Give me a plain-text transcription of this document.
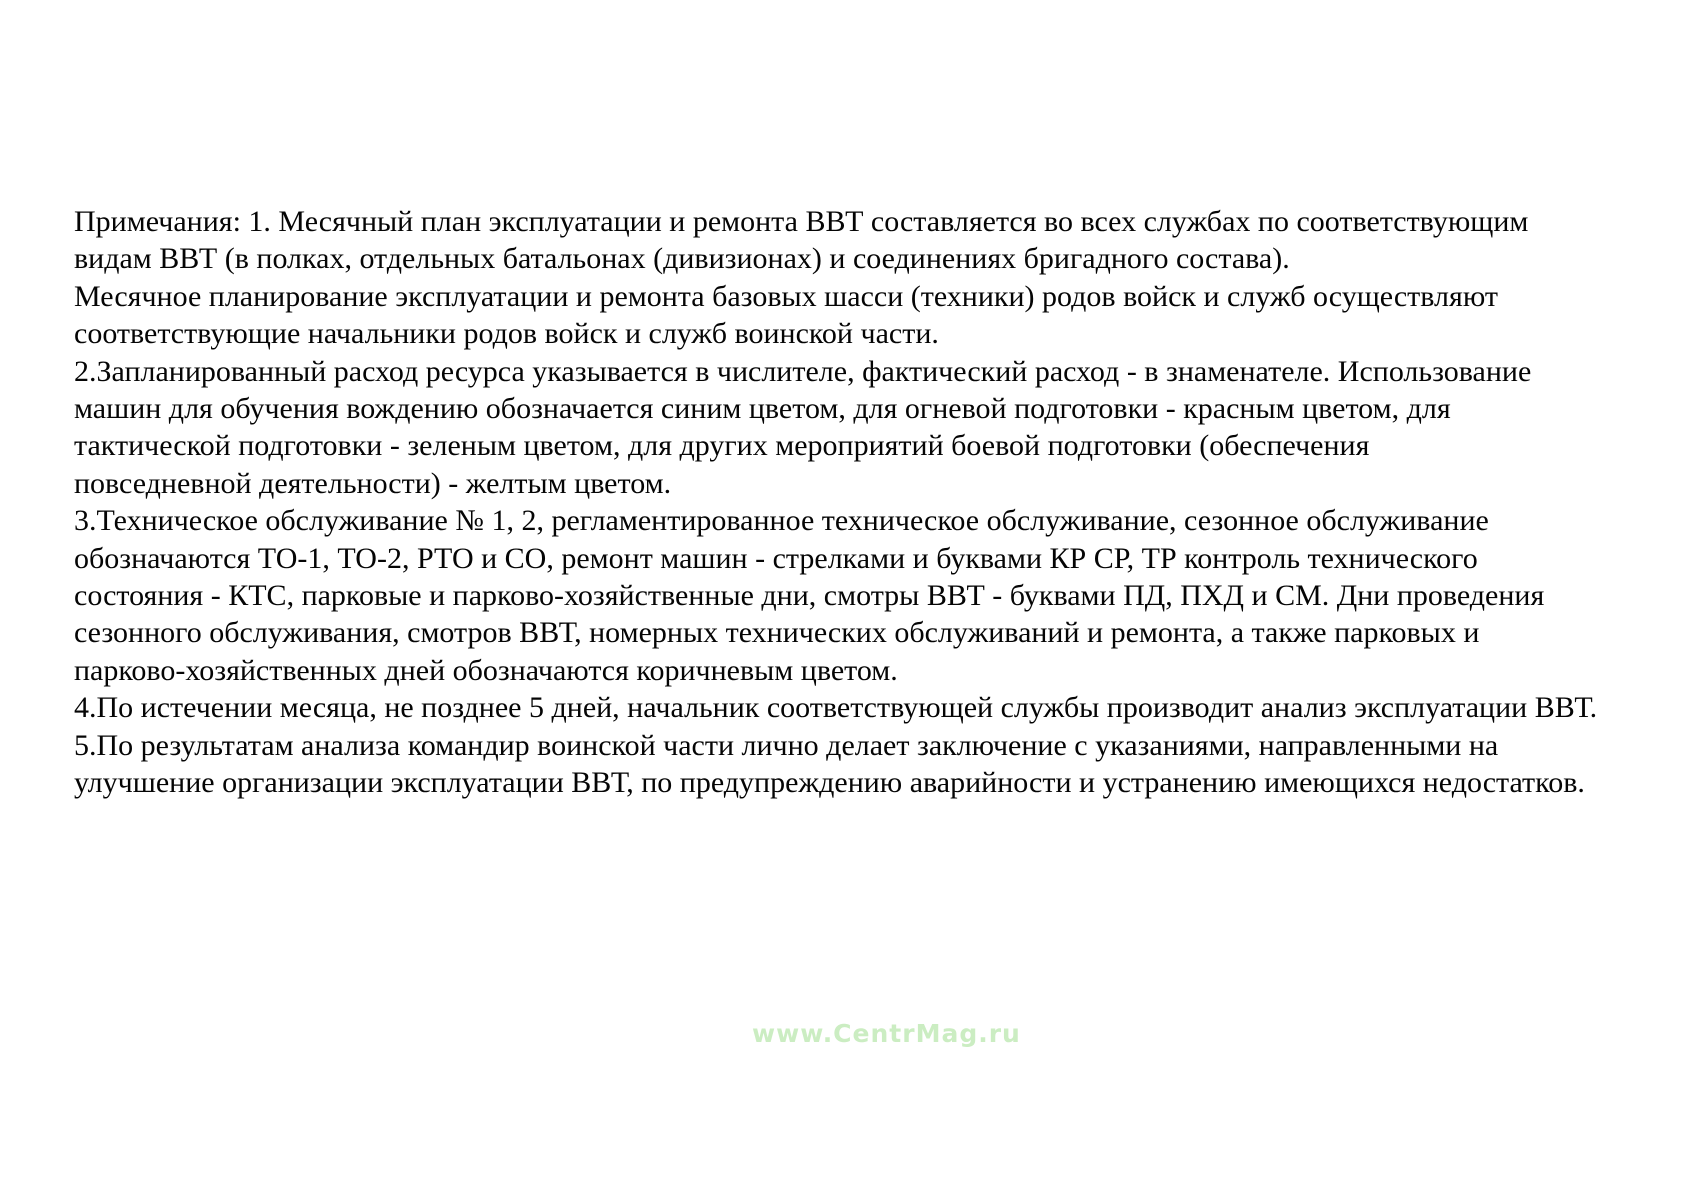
Примечания: 1. Месячный план эксплуатации и ремонта ВВТ составляется во всех службах по соответствующим
видам ВВТ (в полках, отдельных батальонах (дивизионах) и соединениях бригадного состава).
Месячное планирование эксплуатации и ремонта базовых шасси (техники) родов войск и служб осуществляют
соответствующие начальники родов войск и служб воинской части.
2.Запланированный расход ресурса указывается в числителе, фактический расход - в знаменателе. Использование
машин для обучения вождению обозначается синим цветом, для огневой подготовки - красным цветом, для
тактической подготовки - зеленым цветом, для других мероприятий боевой подготовки (обеспечения
повседневной деятельности) - желтым цветом.
3.Техническое обслуживание № 1, 2, регламентированное техническое обслуживание, сезонное обслуживание
обозначаются ТО-1, ТО-2, РТО и СО, ремонт машин - стрелками и буквами КР СР, ТР контроль технического
состояния - КТС, парковые и парково-хозяйственные дни, смотры ВВТ - буквами ПД, ПХД и СМ. Дни проведения
сезонного обслуживания, смотров ВВТ, номерных технических обслуживаний и ремонта, а также парковых и
парково-хозяйственных дней обозначаются коричневым цветом.
4.По истечении месяца, не позднее 5 дней, начальник соответствующей службы производит анализ эксплуатации ВВТ.
5.По результатам анализа командир воинской части лично делает заключение с указаниями, направленными на
улучшение организации эксплуатации ВВТ, по предупреждению аварийности и устранению имеющихся недостатков.
www.CentrMag.ru
